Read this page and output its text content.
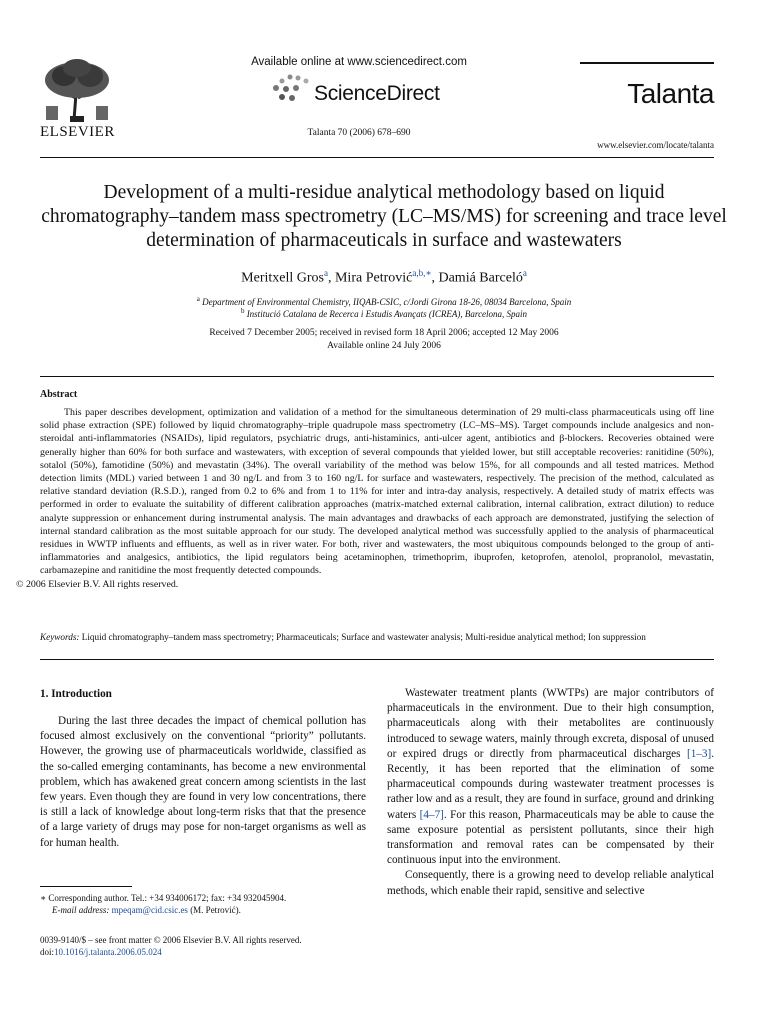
ELSEVIER
Available online at www.sciencedirect.com
ScienceDirect
Talanta 70 (2006) 678–690
Talanta
www.elsevier.com/locate/talanta
Development of a multi-residue analytical methodology based on liquid chromatography–tandem mass spectrometry (LC–MS/MS) for screening and trace level determination of pharmaceuticals in surface and wastewaters
Meritxell Gros$^a$, Mira Petrović$^{a,b,∗}$, Damiá Barceló$^a$
$^a$ Department of Environmental Chemistry, IIQAB-CSIC, c/Jordi Girona 18-26, 08034 Barcelona, Spain
$^b$ Institució Catalana de Recerca i Estudis Avançats (ICREA), Barcelona, Spain
Received 7 December 2005; received in revised form 18 April 2006; accepted 12 May 2006
Available online 24 July 2006
Abstract
This paper describes development, optimization and validation of a method for the simultaneous determination of 29 multi-class pharmaceuticals using off line solid phase extraction (SPE) followed by liquid chromatography–triple quadrupole mass spectrometry (LC–MS–MS). Target compounds include analgesics and non-steroidal anti-inflammatories (NSAIDs), lipid regulators, psychiatric drugs, anti-histaminics, anti-ulcer agent, antibiotics and β-blockers. Recoveries obtained were generally higher than 60% for both surface and wastewaters, with exception of several compounds that yielded lower, but still acceptable recoveries: ranitidine (50%), sotalol (50%), famotidine (50%) and mevastatin (34%). The overall variability of the method was below 15%, for all compounds and all tested matrices. Method detection limits (MDL) varied between 1 and 30 ng/L and from 3 to 160 ng/L for surface and wastewaters, respectively. The precision of the method, calculated as relative standard deviation (R.S.D.), ranged from 0.2 to 6% and from 1 to 11% for inter and intra-day analysis, respectively. A detailed study of matrix effects was performed in order to evaluate the suitability of different calibration approaches (matrix-matched external calibration, internal calibration, extract dilution) to reduce analyte suppression or enhancement during instrumental analysis. The main advantages and drawbacks of each approach are demonstrated, justifying the selection of internal standard calibration as the most suitable approach for our study. The developed analytical method was successfully applied to the analysis of pharmaceutical residues in WWTP influents and effluents, as well as in river water. For both, river and wastewaters, the most ubiquitous compounds belonged to the group of anti-inflammatories and analgesics, antibiotics, the lipid regulators being acetaminophen, trimethoprim, ibuprofen, ketoprofen, atenolol, propranolol, mevastatin, carbamazepine and ranitidine the most frequently detected compounds.
© 2006 Elsevier B.V. All rights reserved.
Keywords: Liquid chromatography–tandem mass spectrometry; Pharmaceuticals; Surface and wastewater analysis; Multi-residue analytical method; Ion suppression
1. Introduction

During the last three decades the impact of chemical pollution has focused almost exclusively on the conventional “priority” pollutants. However, the growing use of pharmaceuticals worldwide, classified as the so-called emerging contaminants, has become a new environmental problem, which has awakened great concern among scientists in the last few years. Even though they are found in very low concentrations, there is still a lack of knowledge about long-term risks that that the presence of a large variety of drugs may pose for non-target organisms as well as for human health.

∗ Corresponding author. Tel.: +34 934006172; fax: +34 932045904.
E-mail address: mpeqam@cid.csic.es (M. Petrović).
0039-9140/$ – see front matter © 2006 Elsevier B.V. All rights reserved.
doi:10.1016/j.talanta.2006.05.024

Wastewater treatment plants (WWTPs) are major contributors of pharmaceuticals in the environment. Due to their high consumption, pharmaceuticals along with their metabolites are continuously introduced to sewage waters, mainly through excreta, disposal of unused or expired drugs or directly from pharmaceutical discharges [1–3]. Recently, it has been reported that the elimination of some pharmaceutical compounds during wastewater treatment processes is rather low and as a result, they are found in surface, ground and drinking waters [4–7]. For this reason, Pharmaceuticals may be able to cause the same exposure potential as persistent pollutants, since their high transformation and removal rates can be compensated by their continuous input into the environment.

Consequently, there is a growing need to develop reliable analytical methods, which enable their rapid, sensitive and selective
